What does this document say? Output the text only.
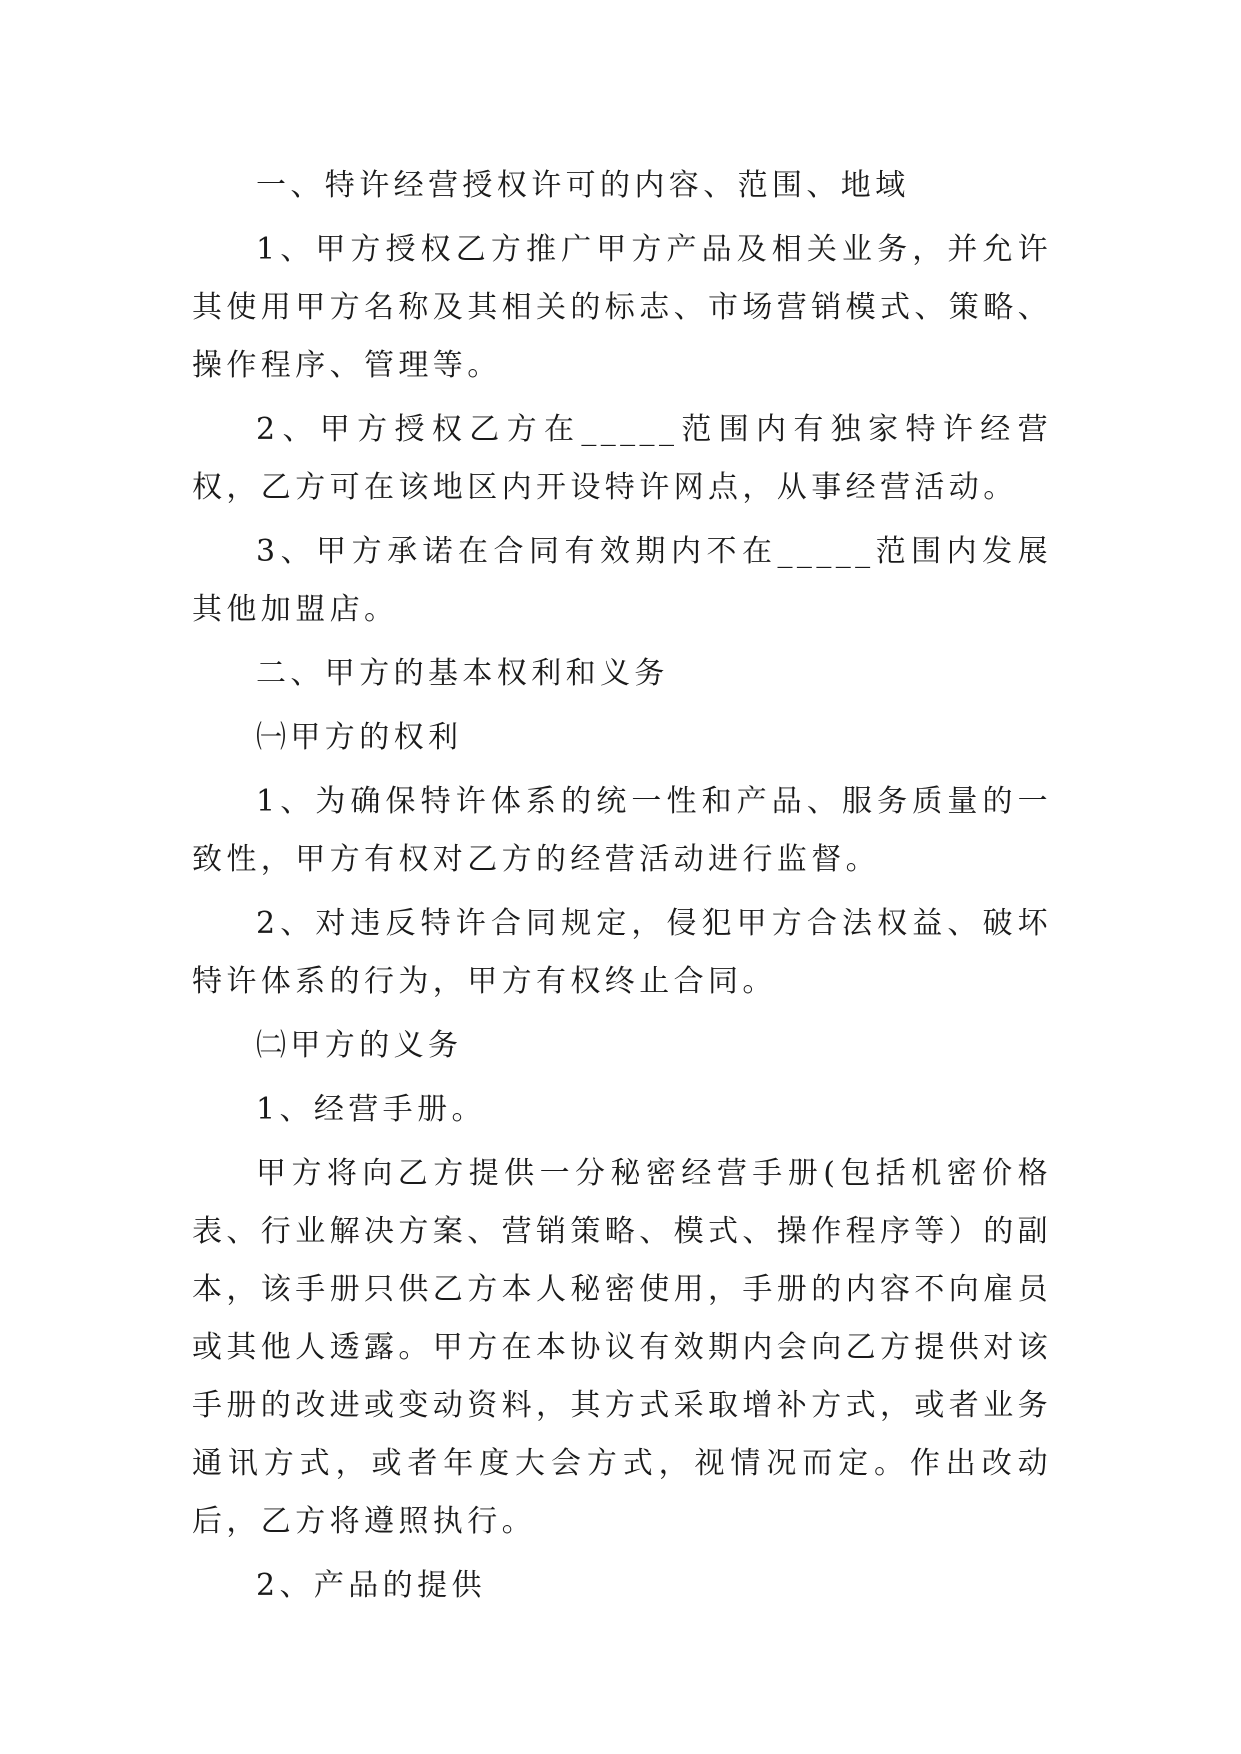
一、特许经营授权许可的内容、范围、地域

1、甲方授权乙方推广甲方产品及相关业务，并允许其使用甲方名称及其相关的标志、市场营销模式、策略、操作程序、管理等。

2、甲方授权乙方在_____范围内有独家特许经营权，乙方可在该地区内开设特许网点，从事经营活动。

3、甲方承诺在合同有效期内不在_____范围内发展其他加盟店。

二、甲方的基本权利和义务

㈠甲方的权利

1、为确保特许体系的统一性和产品、服务质量的一致性，甲方有权对乙方的经营活动进行监督。

2、对违反特许合同规定，侵犯甲方合法权益、破坏特许体系的行为，甲方有权终止合同。

㈡甲方的义务

1、经营手册。

甲方将向乙方提供一分秘密经营手册(包括机密价格表、行业解决方案、营销策略、模式、操作程序等）的副本，该手册只供乙方本人秘密使用，手册的内容不向雇员或其他人透露。甲方在本协议有效期内会向乙方提供对该手册的改进或变动资料，其方式采取增补方式，或者业务通讯方式，或者年度大会方式，视情况而定。作出改动后，乙方将遵照执行。

2、产品的提供
